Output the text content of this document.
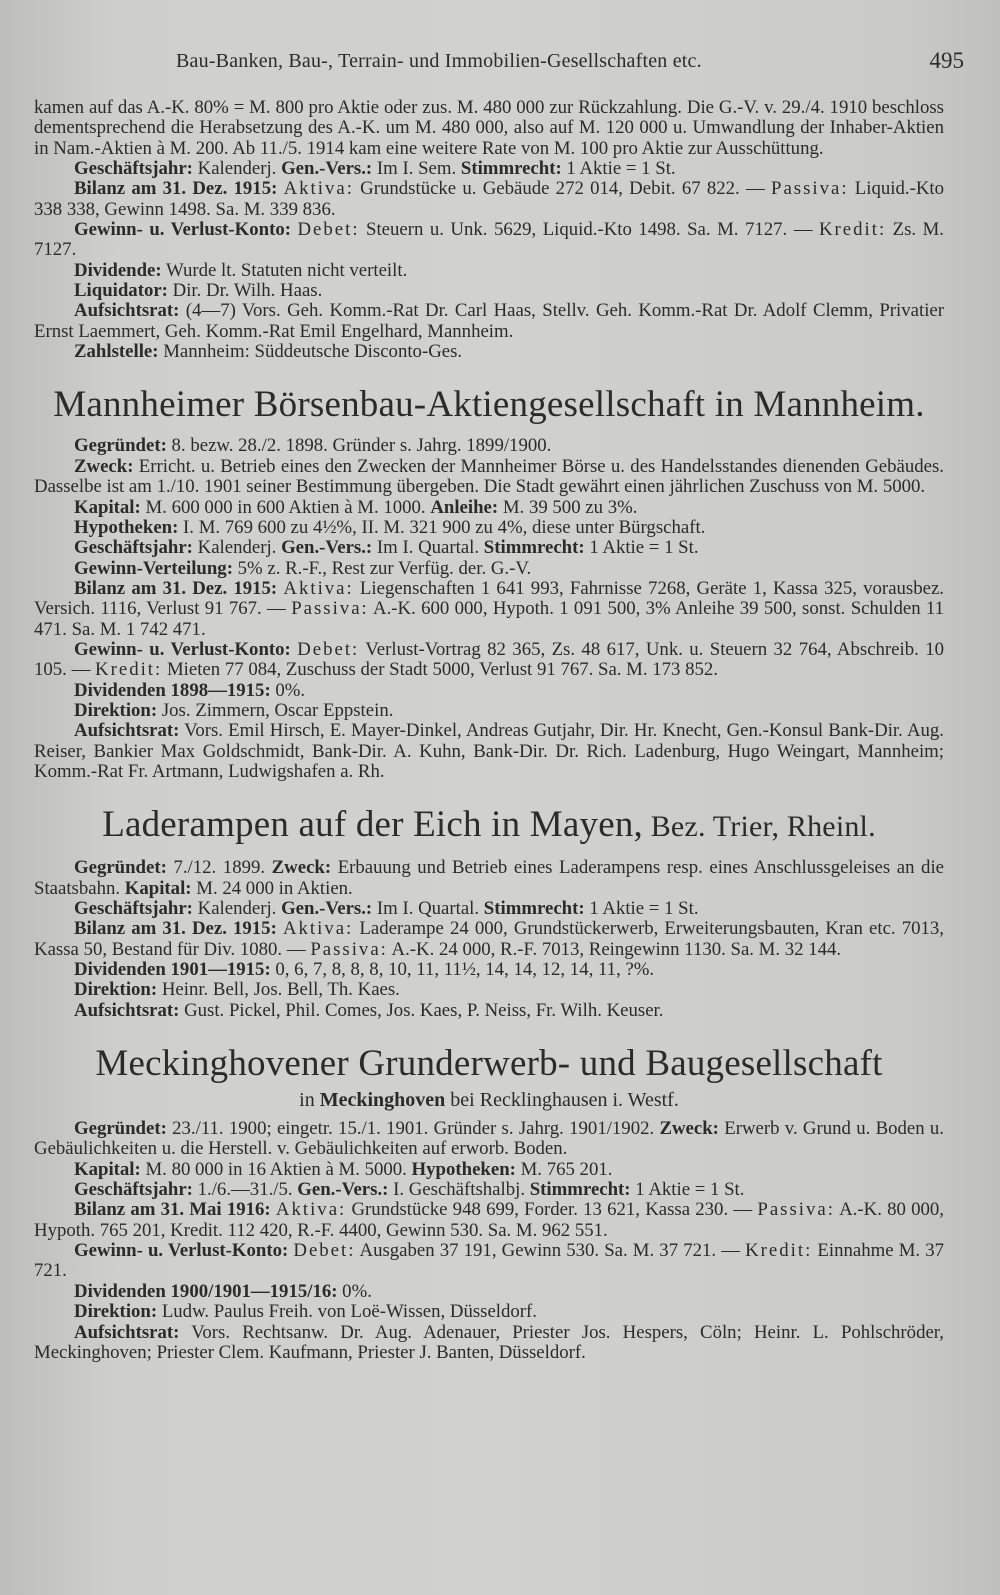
Bau-Banken, Bau-, Terrain- und Immobilien-Gesellschaften etc.	495

kamen auf das A.-K. 80% = M. 800 pro Aktie oder zus. M. 480 000 zur Rückzahlung. Die G.-V. v. 29./4. 1910 beschloss dementsprechend die Herabsetzung des A.-K. um M. 480 000, also auf M. 120 000 u. Umwandlung der Inhaber-Aktien in Nam.-Aktien à M. 200. Ab 11./5. 1914 kam eine weitere Rate von M. 100 pro Aktie zur Ausschüttung.

Geschäftsjahr: Kalenderj. Gen.-Vers.: Im I. Sem. Stimmrecht: 1 Aktie = 1 St.

Bilanz am 31. Dez. 1915: Aktiva: Grundstücke u. Gebäude 272 014, Debit. 67 822. — Passiva: Liquid.-Kto 338 338, Gewinn 1498. Sa. M. 339 836.

Gewinn- u. Verlust-Konto: Debet: Steuern u. Unk. 5629, Liquid.-Kto 1498. Sa. M. 7127. — Kredit: Zs. M. 7127.

Dividende: Wurde lt. Statuten nicht verteilt.

Liquidator: Dir. Dr. Wilh. Haas.

Aufsichtsrat: (4—7) Vors. Geh. Komm.-Rat Dr. Carl Haas, Stellv. Geh. Komm.-Rat Dr. Adolf Clemm, Privatier Ernst Laemmert, Geh. Komm.-Rat Emil Engelhard, Mannheim.

Zahlstelle: Mannheim: Süddeutsche Disconto-Ges.

Mannheimer Börsenbau-Aktiengesellschaft in Mannheim.

Gegründet: 8. bezw. 28./2. 1898. Gründer s. Jahrg. 1899/1900.

Zweck: Erricht. u. Betrieb eines den Zwecken der Mannheimer Börse u. des Handelsstandes dienenden Gebäudes. Dasselbe ist am 1./10. 1901 seiner Bestimmung übergeben. Die Stadt gewährt einen jährlichen Zuschuss von M. 5000.

Kapital: M. 600 000 in 600 Aktien à M. 1000. Anleihe: M. 39 500 zu 3%.

Hypotheken: I. M. 769 600 zu 4½%, II. M. 321 900 zu 4%, diese unter Bürgschaft.

Geschäftsjahr: Kalenderj. Gen.-Vers.: Im I. Quartal. Stimmrecht: 1 Aktie = 1 St.

Gewinn-Verteilung: 5% z. R.-F., Rest zur Verfüg. der. G.-V.

Bilanz am 31. Dez. 1915: Aktiva: Liegenschaften 1 641 993, Fahrnisse 7268, Geräte 1, Kassa 325, vorausbez. Versich. 1116, Verlust 91 767. — Passiva: A.-K. 600 000, Hypoth. 1 091 500, 3% Anleihe 39 500, sonst. Schulden 11 471. Sa. M. 1 742 471.

Gewinn- u. Verlust-Konto: Debet: Verlust-Vortrag 82 365, Zs. 48 617, Unk. u. Steuern 32 764, Abschreib. 10 105. — Kredit: Mieten 77 084, Zuschuss der Stadt 5000, Verlust 91 767. Sa. M. 173 852.

Dividenden 1898—1915: 0%.

Direktion: Jos. Zimmern, Oscar Eppstein.

Aufsichtsrat: Vors. Emil Hirsch, E. Mayer-Dinkel, Andreas Gutjahr, Dir. Hr. Knecht, Gen.-Konsul Bank-Dir. Aug. Reiser, Bankier Max Goldschmidt, Bank-Dir. A. Kuhn, Bank-Dir. Dr. Rich. Ladenburg, Hugo Weingart, Mannheim; Komm.-Rat Fr. Artmann, Ludwigshafen a. Rh.

Laderampen auf der Eich in Mayen, Bez. Trier, Rheinl.

Gegründet: 7./12. 1899. Zweck: Erbauung und Betrieb eines Laderampens resp. eines Anschlussgeleises an die Staatsbahn. Kapital: M. 24 000 in Aktien.

Geschäftsjahr: Kalenderj. Gen.-Vers.: Im I. Quartal. Stimmrecht: 1 Aktie = 1 St.

Bilanz am 31. Dez. 1915: Aktiva: Laderampe 24 000, Grundstückerwerb, Erweiterungsbauten, Kran etc. 7013, Kassa 50, Bestand für Div. 1080. — Passiva: A.-K. 24 000, R.-F. 7013, Reingewinn 1130. Sa. M. 32 144.

Dividenden 1901—1915: 0, 6, 7, 8, 8, 8, 10, 11, 11½, 14, 14, 12, 14, 11, ?%.

Direktion: Heinr. Bell, Jos. Bell, Th. Kaes.

Aufsichtsrat: Gust. Pickel, Phil. Comes, Jos. Kaes, P. Neiss, Fr. Wilh. Keuser.

Meckinghovener Grunderwerb- und Baugesellschaft

in Meckinghoven bei Recklinghausen i. Westf.

Gegründet: 23./11. 1900; eingetr. 15./1. 1901. Gründer s. Jahrg. 1901/1902. Zweck: Erwerb v. Grund u. Boden u. Gebäulichkeiten u. die Herstell. v. Gebäulichkeiten auf erworb. Boden.

Kapital: M. 80 000 in 16 Aktien à M. 5000. Hypotheken: M. 765 201.

Geschäftsjahr: 1./6.—31./5. Gen.-Vers.: I. Geschäftshalbj. Stimmrecht: 1 Aktie = 1 St.

Bilanz am 31. Mai 1916: Aktiva: Grundstücke 948 699, Forder. 13 621, Kassa 230. — Passiva: A.-K. 80 000, Hypoth. 765 201, Kredit. 112 420, R.-F. 4400, Gewinn 530. Sa. M. 962 551.

Gewinn- u. Verlust-Konto: Debet: Ausgaben 37 191, Gewinn 530. Sa. M. 37 721. — Kredit: Einnahme M. 37 721.

Dividenden 1900/1901—1915/16: 0%.

Direktion: Ludw. Paulus Freih. von Loë-Wissen, Düsseldorf.

Aufsichtsrat: Vors. Rechtsanw. Dr. Aug. Adenauer, Priester Jos. Hespers, Cöln; Heinr. L. Pohlschröder, Meckinghoven; Priester Clem. Kaufmann, Priester J. Banten, Düsseldorf.
